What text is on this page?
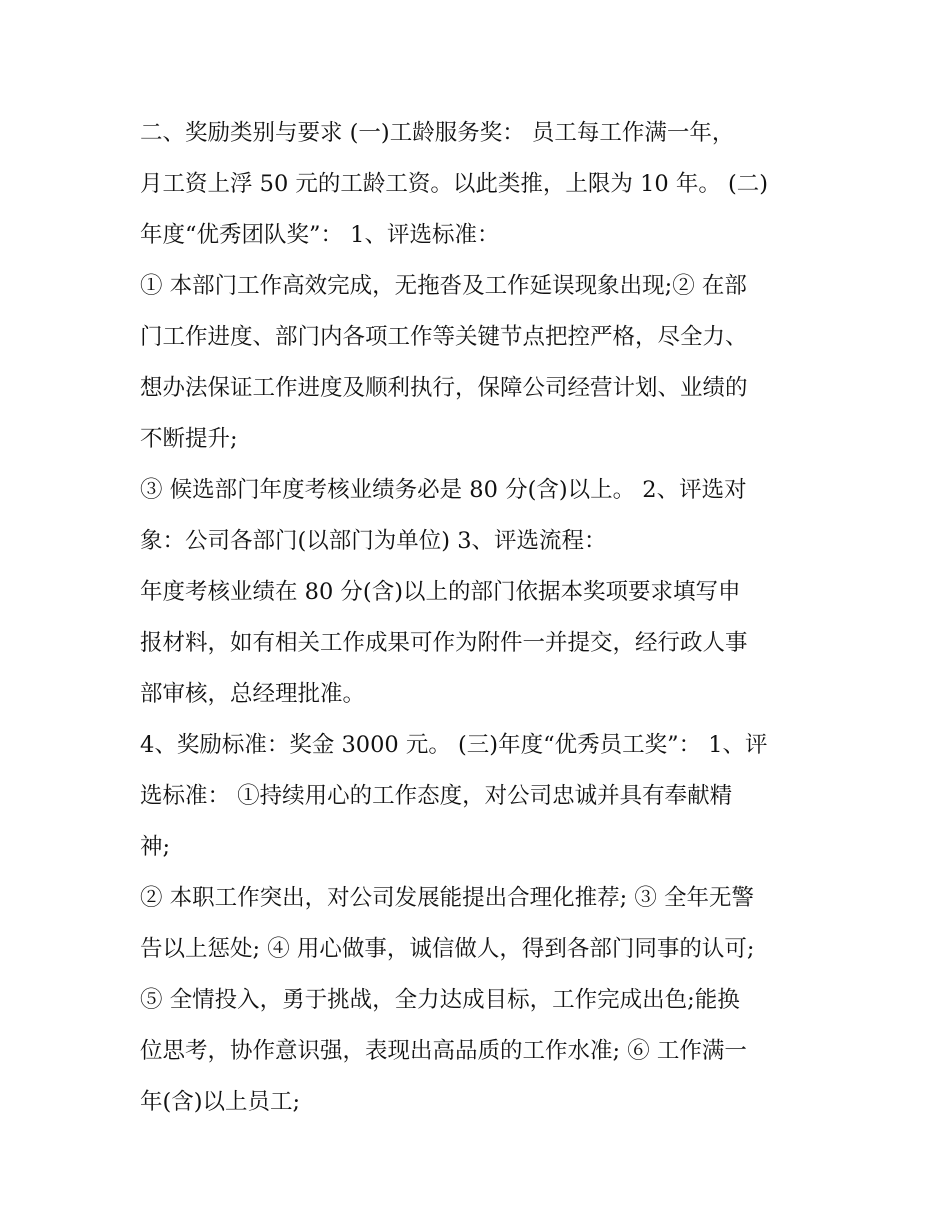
二、奖励类别与要求 (一)工龄服务奖： 员工每工作满一年，
月工资上浮 50 元的工龄工资。以此类推，上限为 10 年。 (二)
年度“优秀团队奖”： 1、评选标准：
① 本部门工作高效完成，无拖沓及工作延误现象出现;② 在部
门工作进度、部门内各项工作等关键节点把控严格，尽全力、
想办法保证工作进度及顺利执行，保障公司经营计划、业绩的
不断提升;
③ 候选部门年度考核业绩务必是 80 分(含)以上。 2、评选对
象：公司各部门(以部门为单位) 3、评选流程：
年度考核业绩在 80 分(含)以上的部门依据本奖项要求填写申
报材料，如有相关工作成果可作为附件一并提交，经行政人事
部审核，总经理批准。
4、奖励标准：奖金 3000 元。 (三)年度“优秀员工奖”： 1、评
选标准： ①持续用心的工作态度，对公司忠诚并具有奉献精
神;
② 本职工作突出，对公司发展能提出合理化推荐; ③ 全年无警
告以上惩处; ④ 用心做事，诚信做人，得到各部门同事的认可;
⑤ 全情投入，勇于挑战，全力达成目标，工作完成出色;能换
位思考，协作意识强，表现出高品质的工作水准; ⑥ 工作满一
年(含)以上员工;
